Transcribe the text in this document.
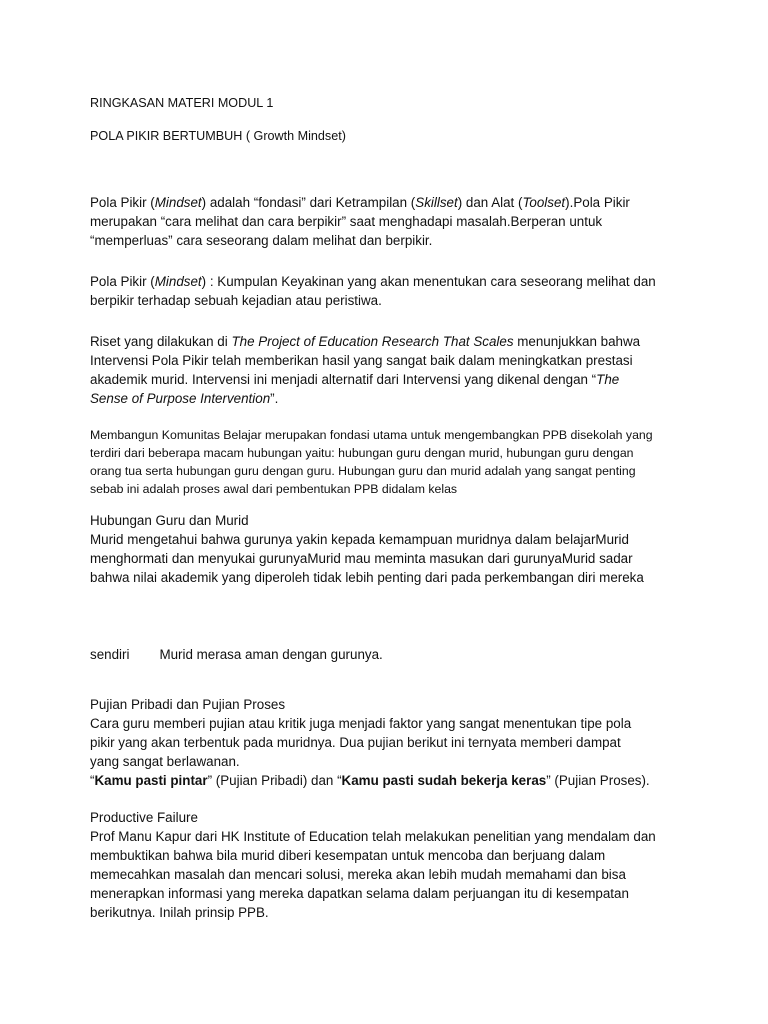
RINGKASAN MATERI MODUL 1
POLA PIKIR BERTUMBUH ( Growth Mindset)
Pola Pikir (Mindset) adalah “fondasi” dari Ketrampilan (Skillset) dan Alat (Toolset).Pola Pikir
merupakan “cara melihat dan cara berpikir” saat menghadapi masalah.Berperan untuk
“memperluas” cara seseorang dalam melihat dan berpikir.
Pola Pikir (Mindset) : Kumpulan Keyakinan yang akan menentukan cara seseorang melihat dan
berpikir terhadap sebuah kejadian atau peristiwa.
Riset yang dilakukan di The Project of Education Research That Scales menunjukkan bahwa
Intervensi Pola Pikir telah memberikan hasil yang sangat baik dalam meningkatkan prestasi
akademik murid. Intervensi ini menjadi alternatif dari Intervensi yang dikenal dengan “The
Sense of Purpose Intervention”.
Membangun Komunitas Belajar merupakan fondasi utama untuk mengembangkan PPB disekolah yang
terdiri dari beberapa macam hubungan yaitu: hubungan guru dengan murid, hubungan guru dengan
orang tua serta hubungan guru dengan guru. Hubungan guru dan murid adalah yang sangat penting
sebab ini adalah proses awal dari pembentukan PPB didalam kelas
Hubungan Guru dan Murid
Murid mengetahui bahwa gurunya yakin kepada kemampuan muridnya dalam belajarMurid
menghormati dan menyukai gurunyaMurid mau meminta masukan dari gurunyaMurid sadar
bahwa nilai akademik yang diperoleh tidak lebih penting dari pada perkembangan diri mereka
sendiri Murid merasa aman dengan gurunya.
Pujian Pribadi dan Pujian Proses
Cara guru memberi pujian atau kritik juga menjadi faktor yang sangat menentukan tipe pola
pikir yang akan terbentuk pada muridnya. Dua pujian berikut ini ternyata memberi dampat
yang sangat berlawanan.
“Kamu pasti pintar” (Pujian Pribadi) dan “Kamu pasti sudah bekerja keras” (Pujian Proses).
Productive Failure
Prof Manu Kapur dari HK Institute of Education telah melakukan penelitian yang mendalam dan
membuktikan bahwa bila murid diberi kesempatan untuk mencoba dan berjuang dalam
memecahkan masalah dan mencari solusi, mereka akan lebih mudah memahami dan bisa
menerapkan informasi yang mereka dapatkan selama dalam perjuangan itu di kesempatan
berikutnya. Inilah prinsip PPB.
